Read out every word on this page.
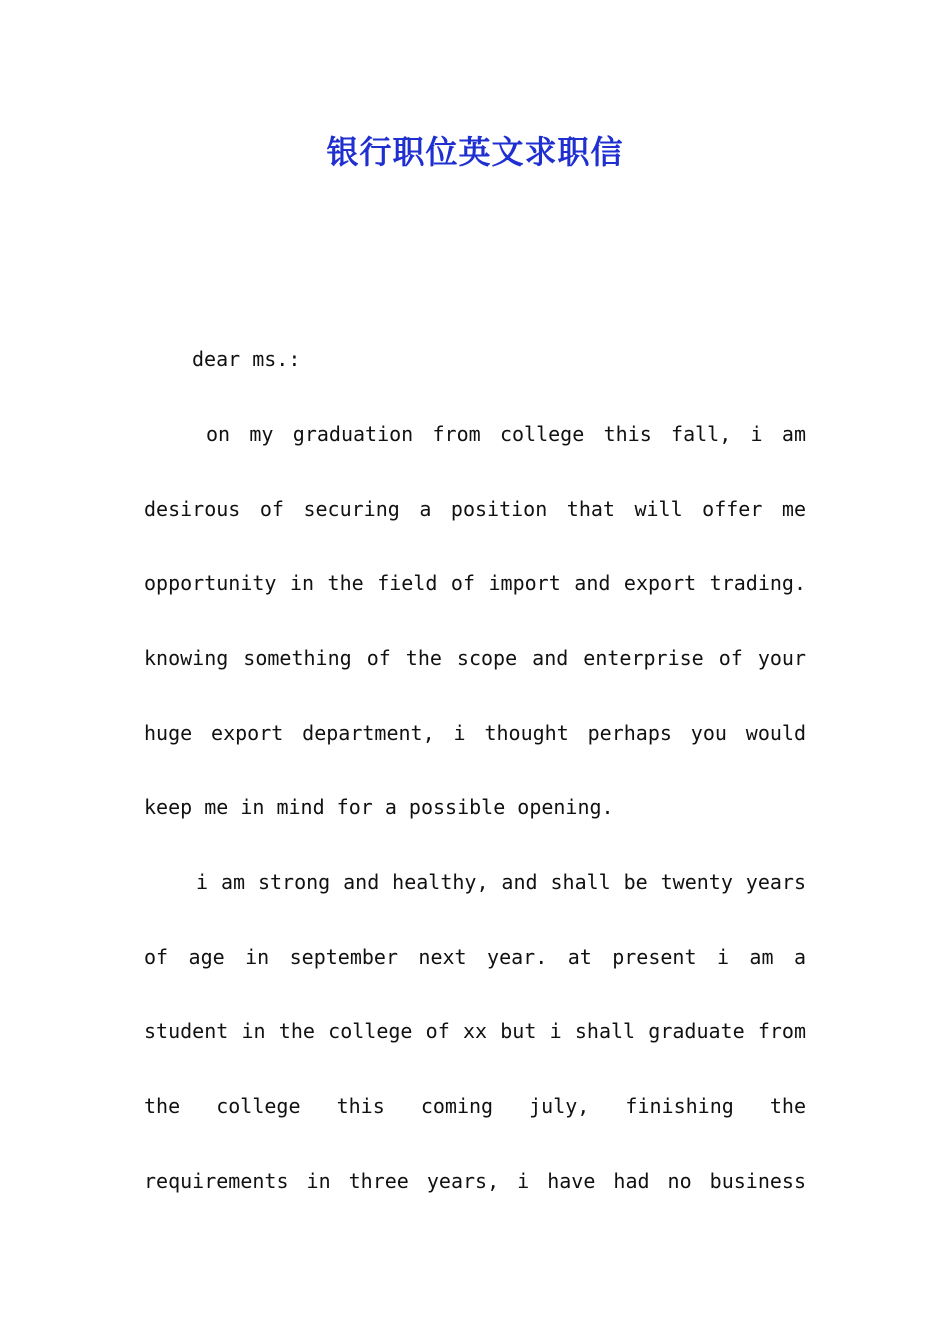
银行职位英文求职信
dear ms.:
on my graduation from college this fall, i am
desirous of securing a position that will offer me
opportunity in the field of import and export trading.
knowing something of the scope and enterprise of your
huge export department, i thought perhaps you would
keep me in mind for a possible opening.
i am strong and healthy, and shall be twenty years
of age in september next year. at present i am a
student in the college of xx but i shall graduate from
the college this coming july, finishing the
requirements in three years, i have had no business
